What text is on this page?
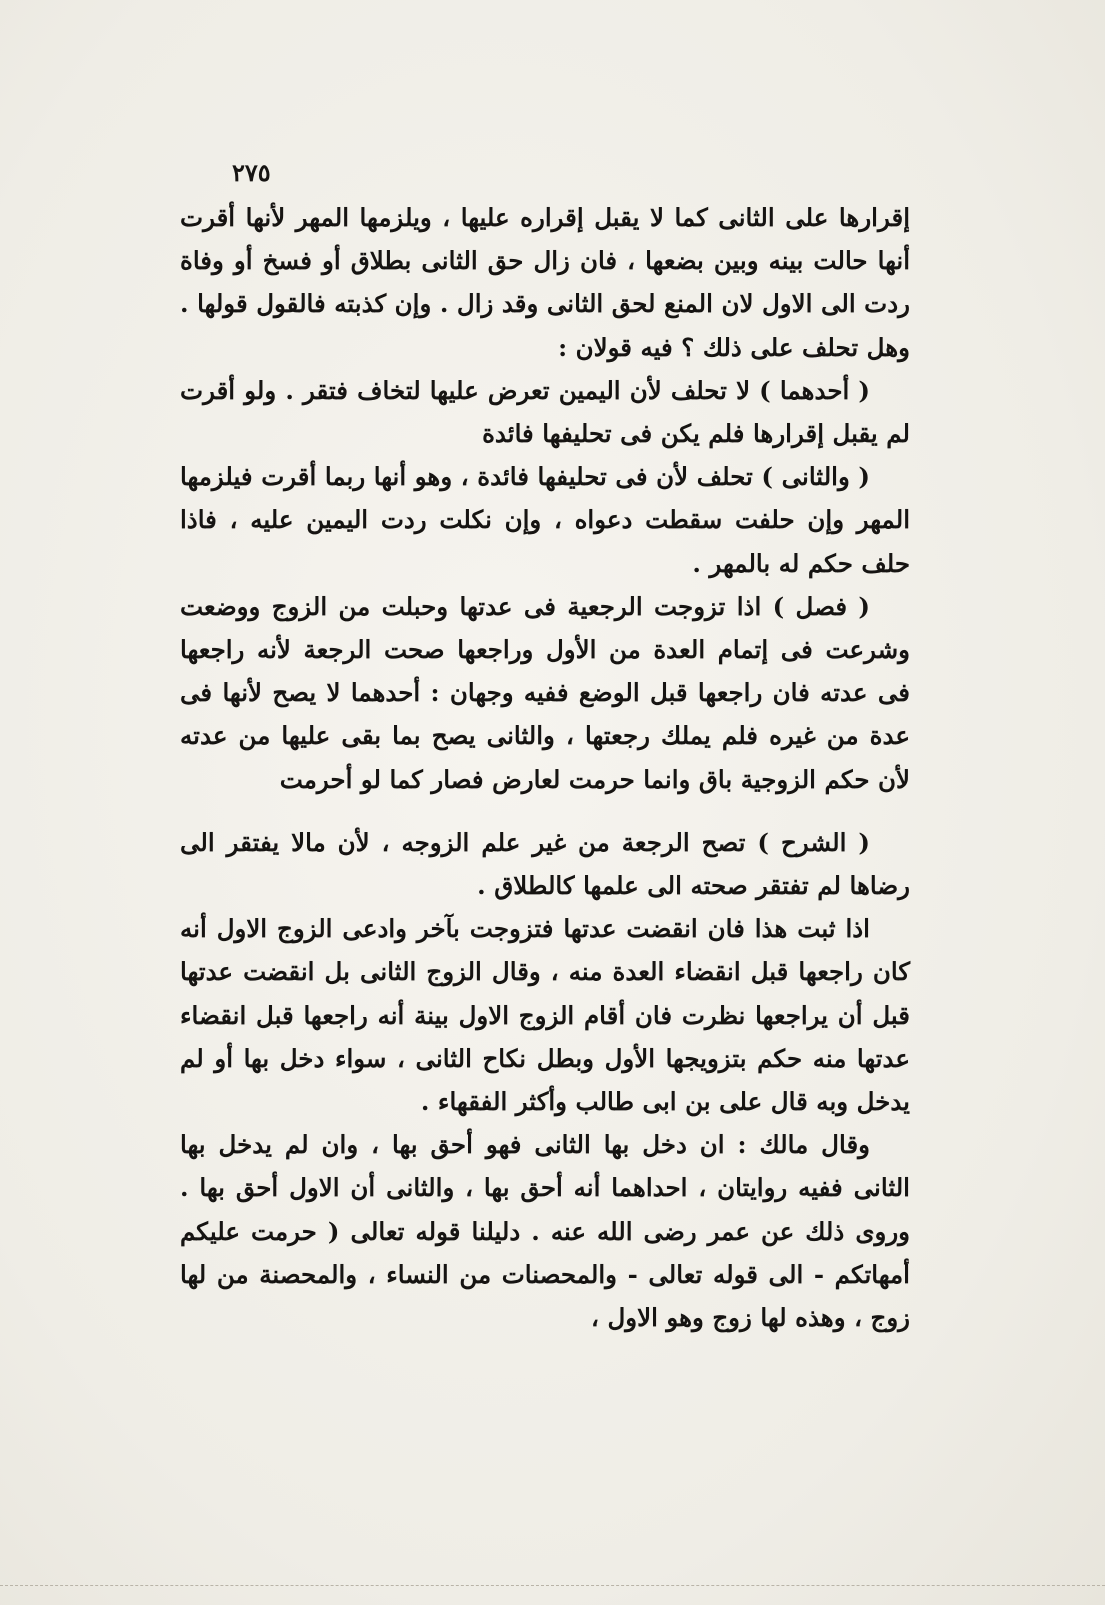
٢٧٥

إقرارها على الثانى كما لا يقبل إقراره عليها ، ويلزمها المهر لأنها أقرت أنها حالت بينه وبين بضعها ، فان زال حق الثانى بطلاق أو فسخ أو وفاة ردت الى الاول لان المنع لحق الثانى وقد زال . وإن كذبته فالقول قولها . وهل تحلف على ذلك ؟ فيه قولان :

( أحدهما ) لا تحلف لأن اليمين تعرض عليها لتخاف فتقر . ولو أقرت لم يقبل إقرارها فلم يكن فى تحليفها فائدة

( والثانى ) تحلف لأن فى تحليفها فائدة ، وهو أنها ربما أقرت فيلزمها المهر وإن حلفت سقطت دعواه ، وإن نكلت ردت اليمين عليه ، فاذا حلف حكم له بالمهر .

( فصل ) اذا تزوجت الرجعية فى عدتها وحبلت من الزوج ووضعت وشرعت فى إتمام العدة من الأول وراجعها صحت الرجعة لأنه راجعها فى عدته فان راجعها قبل الوضع ففيه وجهان : أحدهما لا يصح لأنها فى عدة من غيره فلم يملك رجعتها ، والثانى يصح بما بقى عليها من عدته لأن حكم الزوجية باق وانما حرمت لعارض فصار كما لو أحرمت

( الشرح ) تصح الرجعة من غير علم الزوجه ، لأن مالا يفتقر الى رضاها لم تفتقر صحته الى علمها كالطلاق .

اذا ثبت هذا فان انقضت عدتها فتزوجت بآخر وادعى الزوج الاول أنه كان راجعها قبل انقضاء العدة منه ، وقال الزوج الثانى بل انقضت عدتها قبل أن يراجعها نظرت فان أقام الزوج الاول بينة أنه راجعها قبل انقضاء عدتها منه حكم بتزويجها الأول وبطل نكاح الثانى ، سواء دخل بها أو لم يدخل وبه قال على بن ابى طالب وأكثر الفقهاء .

وقال مالك : ان دخل بها الثانى فهو أحق بها ، وان لم يدخل بها الثانى ففيه روايتان ، احداهما أنه أحق بها ، والثانى أن الاول أحق بها . وروى ذلك عن عمر رضى الله عنه . دليلنا قوله تعالى ( حرمت عليكم أمهاتكم - الى قوله تعالى - والمحصنات من النساء ، والمحصنة من لها زوج ، وهذه لها زوج وهو الاول ،
